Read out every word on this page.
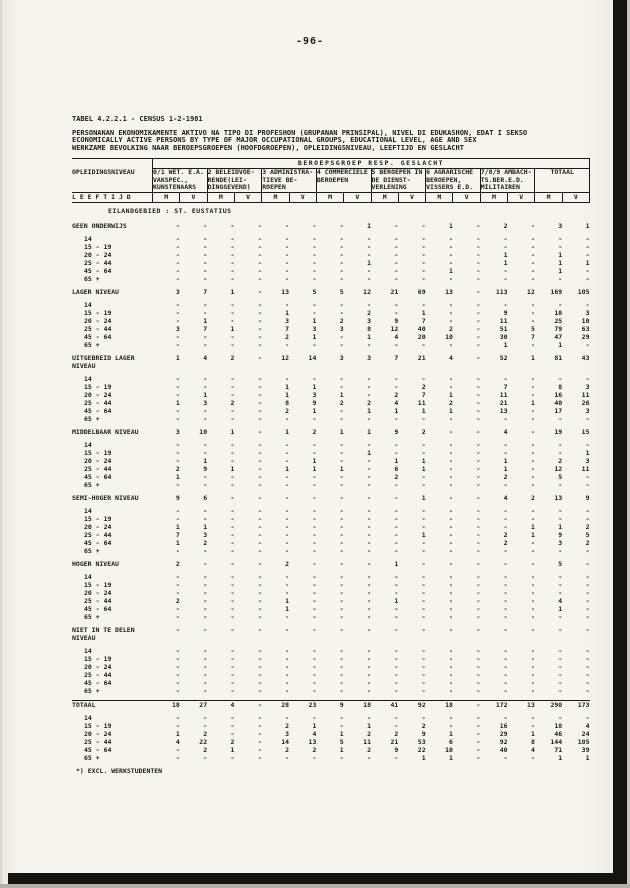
-96-
TABEL 4.2.2.1 - CENSUS 1-2-1981
PERSONANAN EKONOMIKAMENTE AKTIVO NA TIPO DI PROFESHON (GRUPANAN PRINSIPAL), NIVEL DI EDUKASHON, EDAT I SEKSO
ECONOMICALLY ACTIVE PERSONS BY TYPE OF MAJOR OCCUPATIONAL GROUPS, EDUCATIONAL LEVEL, AGE AND SEX
WERKZAME BEVOLKING NAAR BEROEPSGROEPEN (HOOFDGROEPEN), OPLEIDINGSNIVEAU, LEEFTIJD EN GESLACHT
	BEROEPSGROEP RESP. GESLACHT															
OPLEIDINGSNIVEAU	0/1 WET. E.A.		2 BELEIDVOE-		3 ADMINISTRA-		4 COMMERCIELE		5 BEROEPEN IN		6 AGRARISCHE		7/8/9 AMBACH-		TOTAAL	
	VAKSPEC.,		RENDE(LEI-		TIEVE BE-		BEROEPEN		DE DIENST-		BEROEPEN,		TS.BER.E.D.			
	KUNSTENAARS		DINGGEVEND)		ROEPEN				VERLENING		VISSERS E.D.		MILITAIREN			
L E E F T I J D	M	V	M	V	M	V	M	V	M	V	M	V	M	V	M	V
EILANDGEBIED : ST. EUSTATIUS																
GEEN ONDERWIJS	-	-	-	-	-	-	-	1	-	-	1	-	2	-	3	1

14	-	-	-	-	-	-	-	-	-	-	-	-	-	-	-	-
15 - 19	-	-	-	-	-	-	-	-	-	-	-	-	-	-	-	-
20 - 24	-	-	-	-	-	-	-	-	-	-	-	-	1	-	1	-
25 - 44	-	-	-	-	-	-	-	1	-	-	-	-	1	-	1	1
45 - 64	-	-	-	-	-	-	-	-	-	-	1	-	-	-	1	-
65 +	-	-	-	-	-	-	-	-	-	-	-	-	-	-	-	-

LAGER NIVEAU	3	7	1	-	13	5	5	12	21	69	13	-	113	12	169	105

14	-	-	-	-	-	-	-	-	-	-	-	-	-	-	-	-
15 - 19	-	-	-	-	1	-	-	2	-	1	-	-	9	-	10	3
20 - 24	-	1	-	-	3	1	2	3	9	7	-	-	11	-	25	10
25 - 44	3	7	1	-	7	3	3	8	12	40	2	-	51	5	79	63
45 - 64	-	-	-	-	2	1	-	1	4	20	10	-	30	7	47	29
65 +	-	-	-	-	-	-	-	-	-	-	-	-	1	-	1	-

UITGEBREID LAGER NIVEAU	1	4	2	-	12	14	3	3	7	21	4	-	52	1	81	43

14	-	-	-	-	-	-	-	-	-	-	-	-	-	-	-	-
15 - 19	-	-	-	-	1	1	-	-	-	2	-	-	7	-	8	3
20 - 24	-	1	-	-	1	3	1	-	2	7	1	-	11	-	16	11
25 - 44	1	3	2	-	8	9	2	2	4	11	2	-	21	1	40	26
45 - 64	-	-	-	-	2	1	-	1	1	1	1	-	13	-	17	3
65 +	-	-	-	-	-	-	-	-	-	-	-	-	-	-	-	-

MIDDELBAAR NIVEAU	3	10	1	-	1	2	1	1	9	2	-	-	4	-	19	15

14	-	-	-	-	-	-	-	-	-	-	-	-	-	-	-	-
15 - 19	-	-	-	-	-	-	-	1	-	-	-	-	-	-	-	1
20 - 24	-	1	-	-	-	1	-	-	1	1	-	-	1	-	2	3
25 - 44	2	9	1	-	1	1	1	-	6	1	-	-	1	-	12	11
45 - 64	1	-	-	-	-	-	-	-	2	-	-	-	2	-	5	-
65 +	-	-	-	-	-	-	-	-	-	-	-	-	-	-	-	-

SEMI-HOGER NIVEAU	9	6	-	-	-	-	-	-	-	1	-	-	4	2	13	9

14	-	-	-	-	-	-	-	-	-	-	-	-	-	-	-	-
15 - 19	-	-	-	-	-	-	-	-	-	-	-	-	-	-	-	-
20 - 24	1	1	-	-	-	-	-	-	-	-	-	-	-	1	1	2
25 - 44	7	3	-	-	-	-	-	-	-	1	-	-	2	1	9	5
45 - 64	1	2	-	-	-	-	-	-	-	-	-	-	2	-	3	2
65 +	-	-	-	-	-	-	-	-	-	-	-	-	-	-	-	-

HOGER NIVEAU	2	-	-	-	2	-	-	-	1	-	-	-	-	-	5	-

14	-	-	-	-	-	-	-	-	-	-	-	-	-	-	-	-
15 - 19	-	-	-	-	-	-	-	-	-	-	-	-	-	-	-	-
20 - 24	-	-	-	-	-	-	-	-	-	-	-	-	-	-	-	-
25 - 44	2	-	-	-	1	-	-	-	1	-	-	-	-	-	4	-
45 - 64	-	-	-	-	1	-	-	-	-	-	-	-	-	-	1	-
65 +	-	-	-	-	-	-	-	-	-	-	-	-	-	-	-	-

NIET IN TE DELEN NIVEAU	-	-	-	-	-	-	-	-	-	-	-	-	-	-	-	-

14	-	-	-	-	-	-	-	-	-	-	-	-	-	-	-	-
15 - 19	-	-	-	-	-	-	-	-	-	-	-	-	-	-	-	-
20 - 24	-	-	-	-	-	-	-	-	-	-	-	-	-	-	-	-
25 - 44	-	-	-	-	-	-	-	-	-	-	-	-	-	-	-	-
45 - 64	-	-	-	-	-	-	-	-	-	-	-	-	-	-	-	-
65 +	-	-	-	-	-	-	-	-	-	-	-	-	-	-	-	-

TOTAAL	18	27	4	-	28	23	9	18	41	92	18	-	172	13	290	173

14	-	-	-	-	-	-	-	-	-	-	-	-	-	-	-	-
15 - 19	-	-	-	-	2	1	-	1	-	2	-	-	16	-	18	4
20 - 24	1	2	-	-	3	4	1	2	2	9	1	-	29	1	46	24
25 - 44	4	22	2	-	14	13	5	11	21	53	6	-	92	8	144	105
45 - 64	-	2	1	-	2	2	1	2	9	22	10	-	40	4	71	39
65 +	-	-	-	-	-	-	-	-	-	1	1	-	-	-	1	1
*) EXCL. WERKSTUDENTEN
